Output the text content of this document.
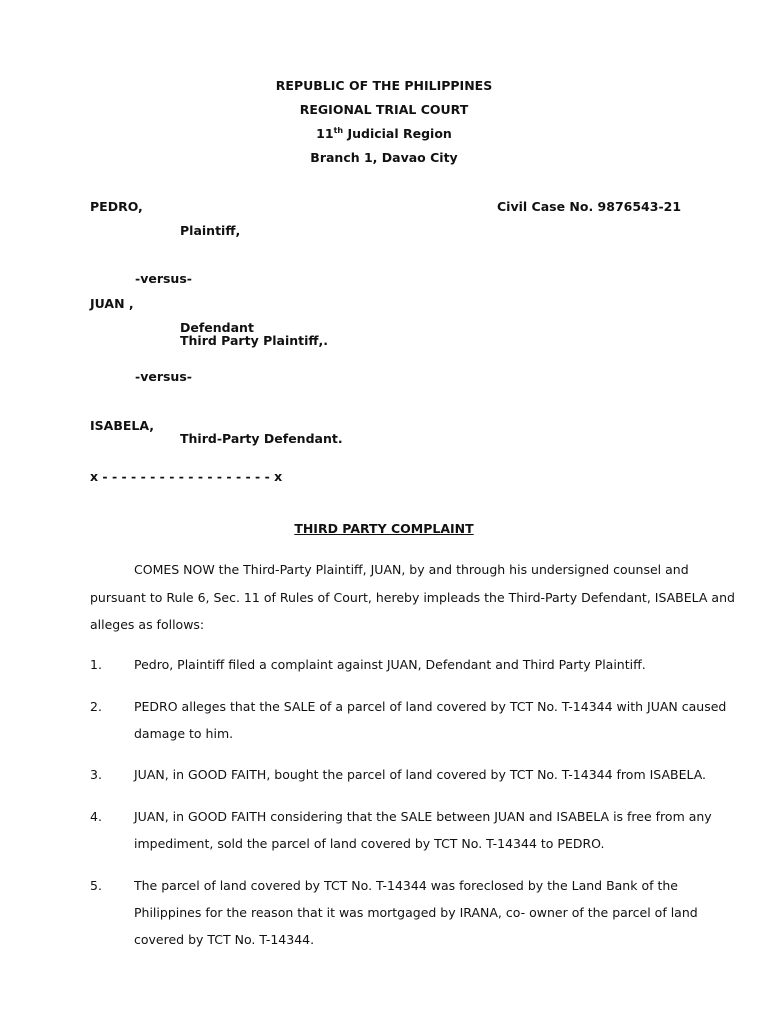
REPUBLIC OF THE PHILIPPINES
REGIONAL TRIAL COURT
11th Judicial Region
Branch 1, Davao City
PEDRO,	Civil Case No. 9876543-21
Plaintiff,
-versus-
JUAN ,
Defendant
Third Party Plaintiff,.
-versus-
ISABELA,
Third-Party Defendant.
x - - - - - - - - - - - - - - - - - - x
THIRD PARTY COMPLAINT
COMES NOW the Third-Party Plaintiff, JUAN, by and through his undersigned counsel and
pursuant to Rule 6, Sec. 11 of Rules of Court, hereby impleads the Third-Party Defendant, ISABELA and
alleges as follows:
1.	Pedro, Plaintiff filed a complaint against JUAN, Defendant and Third Party Plaintiff.
2.	PEDRO alleges that the SALE of a parcel of land covered by TCT No. T-14344 with JUAN caused
damage to him.
3.	JUAN, in GOOD FAITH, bought the parcel of land covered by TCT No. T-14344 from ISABELA.
4.	JUAN, in GOOD FAITH considering that the SALE between JUAN and ISABELA is free from any
impediment, sold the parcel of land covered by TCT No. T-14344 to PEDRO.
5.	The parcel of land covered by TCT No. T-14344 was foreclosed by the Land Bank of the
Philippines for the reason that it was mortgaged by IRANA, co- owner of the parcel of land
covered by TCT No. T-14344.
